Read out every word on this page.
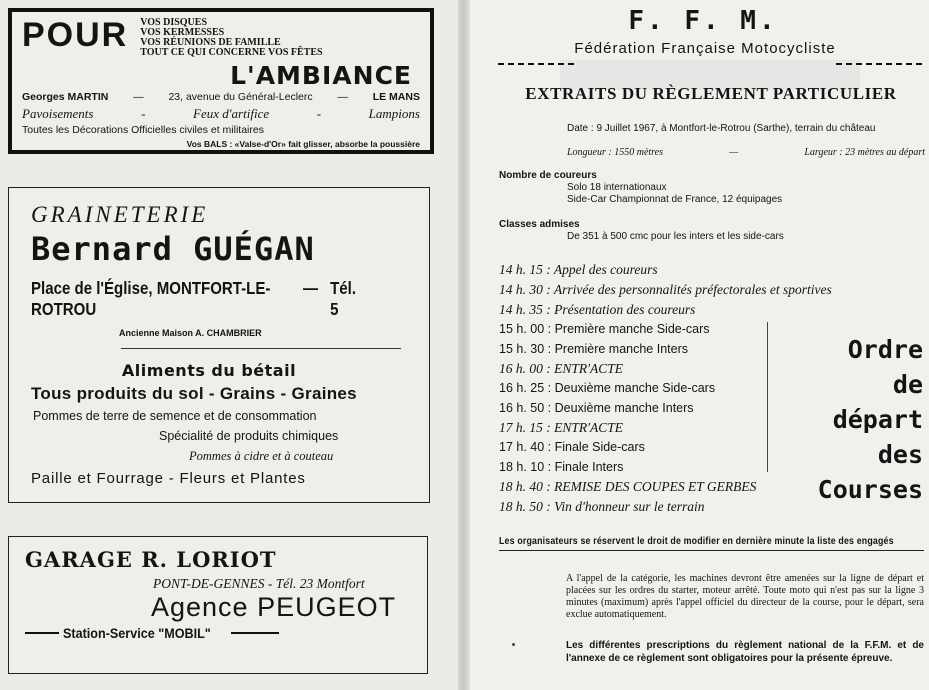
POUR VOS DISQUES
VOS KERMESSES
VOS RÉUNIONS DE FAMILLE
TOUT CE QUI CONCERNE VOS FÊTES
L'AMBIANCE
Georges MARTIN — 23, avenue du Général-Leclerc — LE MANS
Pavoisements	-	Feux d'artifice	-	Lampions
Toutes les Décorations Officielles civiles et militaires
Vos BALS : «Valse-d'Or» fait glisser, absorbe la poussière
GRAINETERIE
Bernard GUÉGAN
Place de l'Église, MONTFORT-LE-ROTROU
— Tél. 5
Ancienne Maison A. CHAMBRIER
Aliments du bétail
Tous produits du sol - Grains - Graines
Pommes de terre de semence et de consommation
Spécialité de produits chimiques
Pommes à cidre et à couteau
Paille et Fourrage - Fleurs et Plantes
GARAGE R. LORIOT
PONT-DE-GENNES - Tél. 23 Montfort
Agence PEUGEOT
Station-Service "MOBIL"
F. F. M.
Fédération Française Motocycliste
EXTRAITS DU RÈGLEMENT PARTICULIER
Date : 9 Juillet 1967, à Montfort-le-Rotrou (Sarthe), terrain du château
Longueur : 1550 mètres	—	Largeur : 23 mètres au départ
Nombre de coureurs
Solo 18 internationaux
Side-Car Championnat de France, 12 équipages
Classes admises
De 351 à 500 cmc pour les inters et les side-cars
14 h. 15 : Appel des coureurs
14 h. 30 : Arrivée des personnalités préfectorales et sportives
14 h. 35 : Présentation des coureurs
15 h. 00 : Première manche Side-cars
15 h. 30 : Première manche Inters
16 h. 00 : ENTR'ACTE
16 h. 25 : Deuxième manche Side-cars
16 h. 50 : Deuxième manche Inters
17 h. 15 : ENTR'ACTE
17 h. 40 : Finale Side-cars
18 h. 10 : Finale Inters
18 h. 40 : REMISE DES COUPES ET GERBES
18 h. 50 : Vin d'honneur sur le terrain
Ordre
de départ
des
Courses
Les organisateurs se réservent le droit de modifier en dernière minute la liste des engagés
A l'appel de la catégorie, les machines devront être amenées sur la ligne de départ et placées sur les ordres du starter, moteur arrêté. Toute moto qui n'est pas sur la ligne 3 minutes (maximum) après l'appel officiel du directeur de la course, pour le départ, sera exclue automatiquement.
Les différentes prescriptions du règlement national de la F.F.M. et de l'annexe de ce règlement sont obligatoires pour la présente épreuve.
